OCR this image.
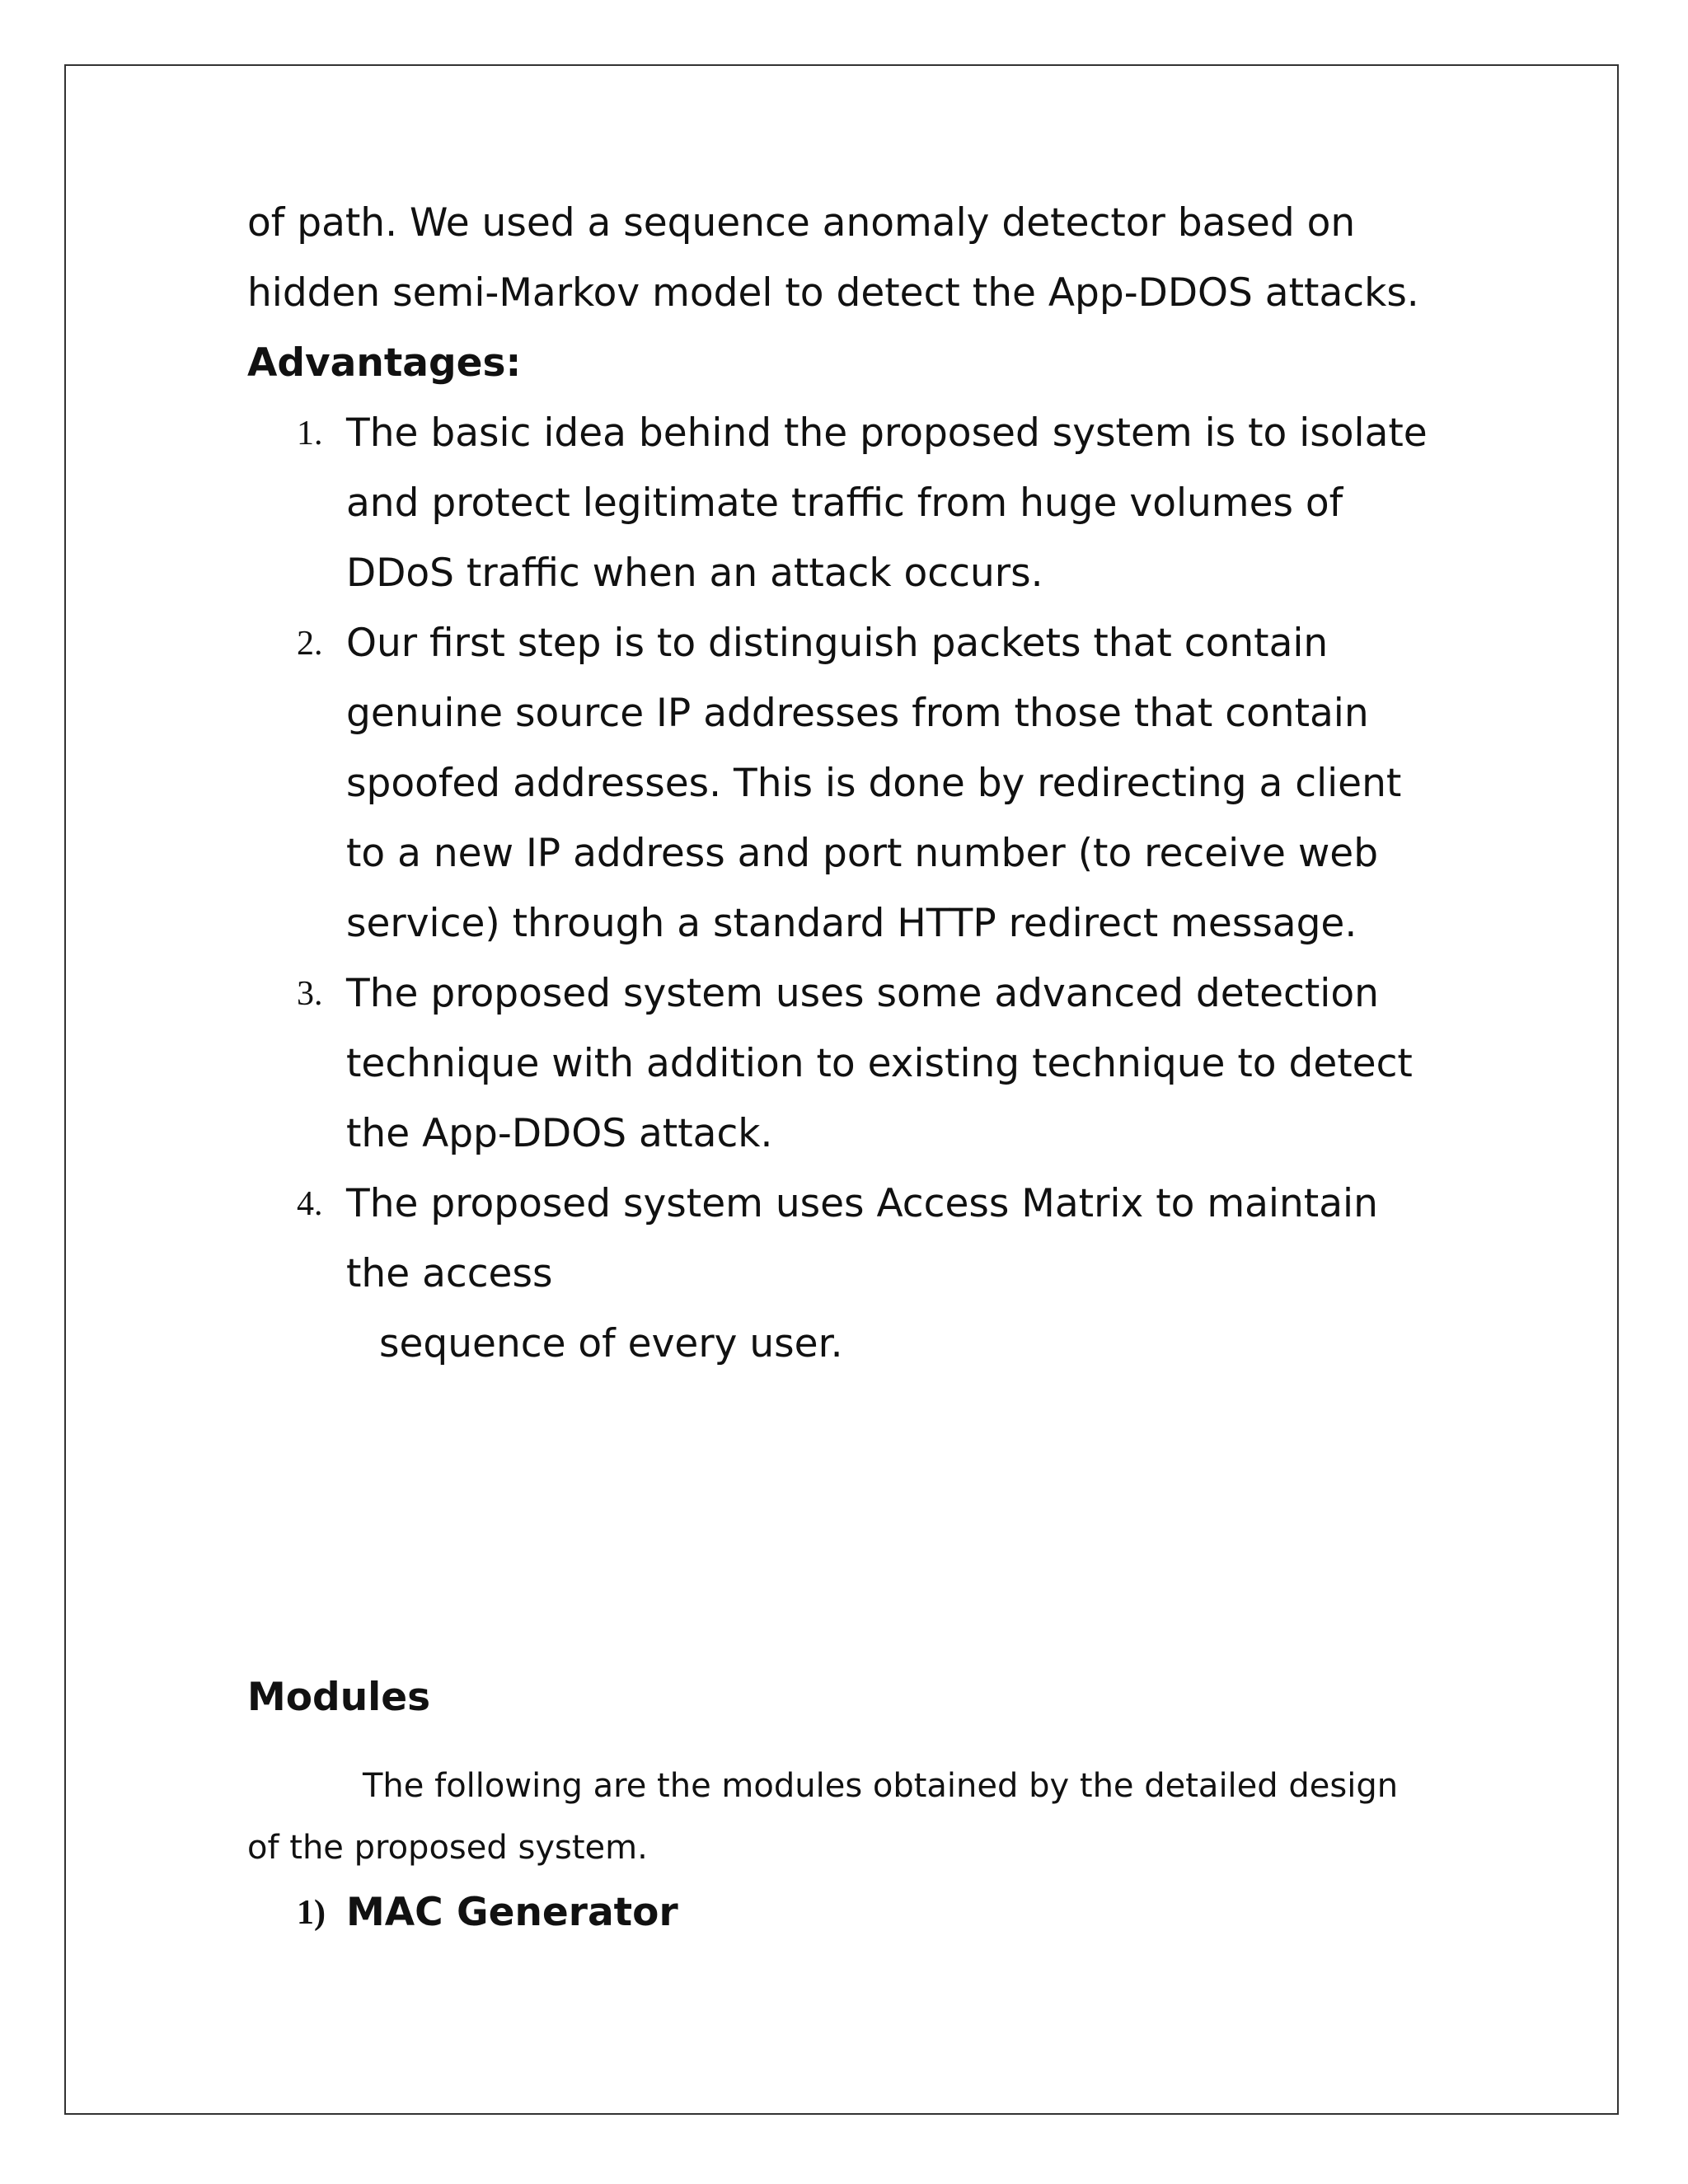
of path. We used a sequence anomaly detector based on
hidden semi-Markov model to detect the App-DDOS attacks.
Advantages:
1. The basic idea behind the proposed system is to isolate
and protect legitimate traffic from huge volumes of
DDoS traffic when an attack occurs.
2. Our first step is to distinguish packets that contain
genuine source IP addresses from those that contain
spoofed addresses. This is done by redirecting a client
to a new IP address and port number (to receive web
service) through a standard HTTP redirect message.
3. The proposed system uses some advanced detection
technique with addition to existing technique to detect
the App-DDOS attack.
4. The proposed system uses Access Matrix to maintain
the access
sequence of every user.
Modules
The following are the modules obtained by the detailed design
of the proposed system.
1) MAC Generator
